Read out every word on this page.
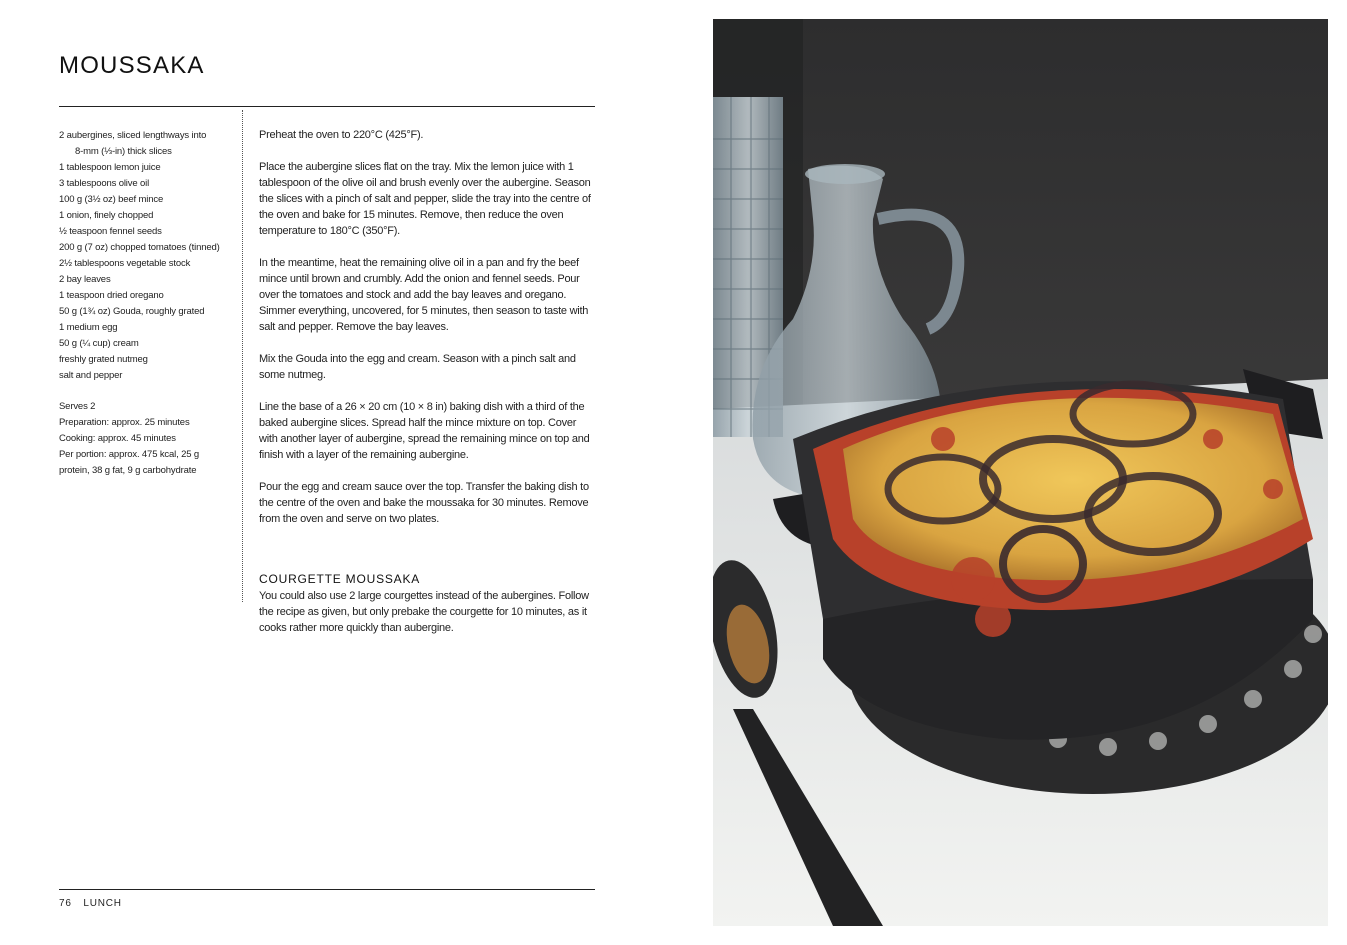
MOUSSAKA
2 aubergines, sliced lengthways into
8-mm (⅓-in) thick slices
1 tablespoon lemon juice
3 tablespoons olive oil
100 g (3½ oz) beef mince
1 onion, finely chopped
½ teaspoon fennel seeds
200 g (7 oz) chopped tomatoes (tinned)
2½ tablespoons vegetable stock
2 bay leaves
1 teaspoon dried oregano
50 g (1¾ oz) Gouda, roughly grated
1 medium egg
50 g (¼ cup) cream
freshly grated nutmeg
salt and pepper
Serves 2
Preparation: approx. 25 minutes
Cooking: approx. 45 minutes
Per portion: approx. 475 kcal, 25 g
protein, 38 g fat, 9 g carbohydrate

Preheat the oven to 220°C (425°F).

Place the aubergine slices flat on the tray. Mix the lemon juice with 1 tablespoon of the olive oil and brush evenly over the aubergine. Season the slices with a pinch of salt and pepper, slide the tray into the centre of the oven and bake for 15 minutes. Remove, then reduce the oven temperature to 180°C (350°F).

In the meantime, heat the remaining olive oil in a pan and fry the beef mince until brown and crumbly. Add the onion and fennel seeds. Pour over the tomatoes and stock and add the bay leaves and oregano. Simmer everything, uncovered, for 5 minutes, then season to taste with salt and pepper. Remove the bay leaves.

Mix the Gouda into the egg and cream. Season with a pinch salt and some nutmeg.

Line the base of a 26 × 20 cm (10 × 8 in) baking dish with a third of the baked aubergine slices. Spread half the mince mixture on top. Cover with another layer of aubergine, spread the remaining mince on top and finish with a layer of the remaining aubergine.

Pour the egg and cream sauce over the top. Transfer the baking dish to the centre of the oven and bake the moussaka for 30 minutes. Remove from the oven and serve on two plates.

COURGETTE MOUSSAKA

You could also use 2 large courgettes instead of the aubergines. Follow the recipe as given, but only prebake the courgette for 10 minutes, as it cooks rather more quickly than aubergine.

76 LUNCH
